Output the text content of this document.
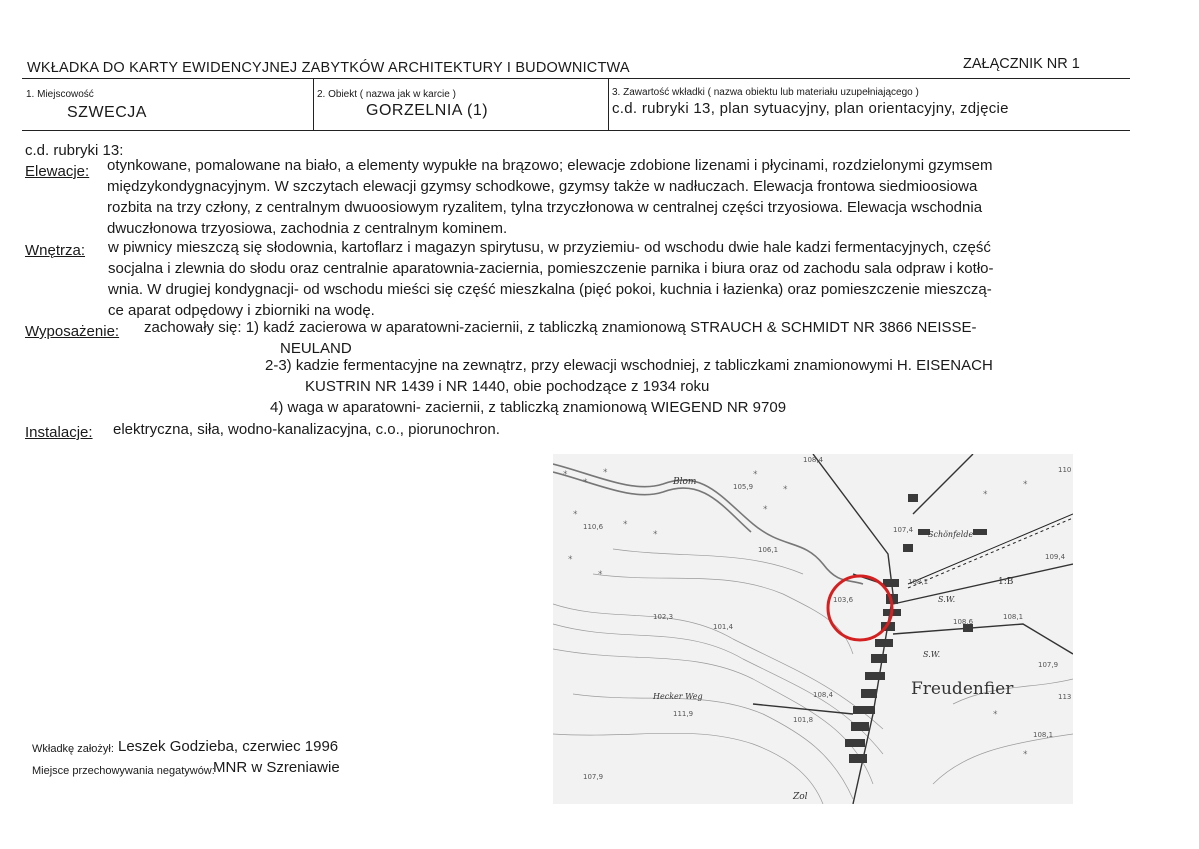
WKŁADKA DO KARTY EWIDENCYJNEJ ZABYTKÓW ARCHITEKTURY I BUDOWNICTWA	ZAŁĄCZNIK NR 1
1. Miejscowość
SZWECJA
2. Obiekt ( nazwa jak w karcie )
GORZELNIA (1)
3. Zawartość wkładki ( nazwa obiektu lub materiału uzupełniającego )
c.d. rubryki 13, plan sytuacyjny, plan orientacyjny, zdjęcie
c.d. rubryki 13:
Elewacje: otynkowane, pomalowane na biało, a elementy wypukłe na brązowo; elewacje zdobione lizenami i płycinami, rozdzielonymi gzymsem
międzykondygnacyjnym. W szczytach elewacji gzymsy schodkowe, gzymsy także w nadłuczach. Elewacja frontowa siedmioosiowa
rozbita na trzy człony, z centralnym dwuoosiowym ryzalitem, tylna trzyczłonowa w centralnej części trzyosiowa. Elewacja wschodnia
dwuczłonowa trzyosiowa, zachodnia z centralnym kominem.
Wnętrza: w piwnicy mieszczą się słodownia, kartoflarz i magazyn spirytusu, w przyziemiu- od wschodu dwie hale kadzi fermentacyjnych, część
socjalna i zlewnia do słodu oraz centralnie aparatownia-zaciernia, pomieszczenie parnika i biura oraz od zachodu sala odpraw i kotło-
wnia. W drugiej kondygnacji- od wschodu mieści się część mieszkalna (pięć pokoi, kuchnia i łazienka) oraz pomieszczenie mieszczą-
ce aparat odpędowy i zbiorniki na wodę.
Wyposażenie: zachowały się: 1) kadź zacierowa w aparatowni-zaciernii, z tabliczką znamionową STRAUCH & SCHMIDT NR 3866 NEISSE-
NEULAND
2-3) kadzie fermentacyjne na zewnątrz, przy elewacji wschodniej, z tabliczkami znamionowymi H. EISENACH
KUSTRIN NR 1439 i NR 1440, obie pochodzące z 1934 roku
4) waga w aparatowni- zaciernii, z tabliczką znamionową WIEGEND NR 9709
Instalacje: elektryczna, siła, wodno-kanalizacyjna, c.o., piorunochron.
⁎
⁎
⁎
⁎
⁎
⁎
⁎
⁎
⁎
⁎
⁎
⁎
⁎
⁎
⁎
Freudenfier
Blom
Schönfelde
S.W.
S.W.
Hecker Weg
Zol
1:B
108,4
108,1
107,4
109,4
108,1
108,6
107,9
108,1
108,4
106,1
103,6
102,3
101,8
105,9
101,4
111,9
110,6
107,9
110
113
Wkładkę założył: Leszek Godzieba, czerwiec 1996
Miejsce przechowywania negatywów:
MNR w Szreniawie
